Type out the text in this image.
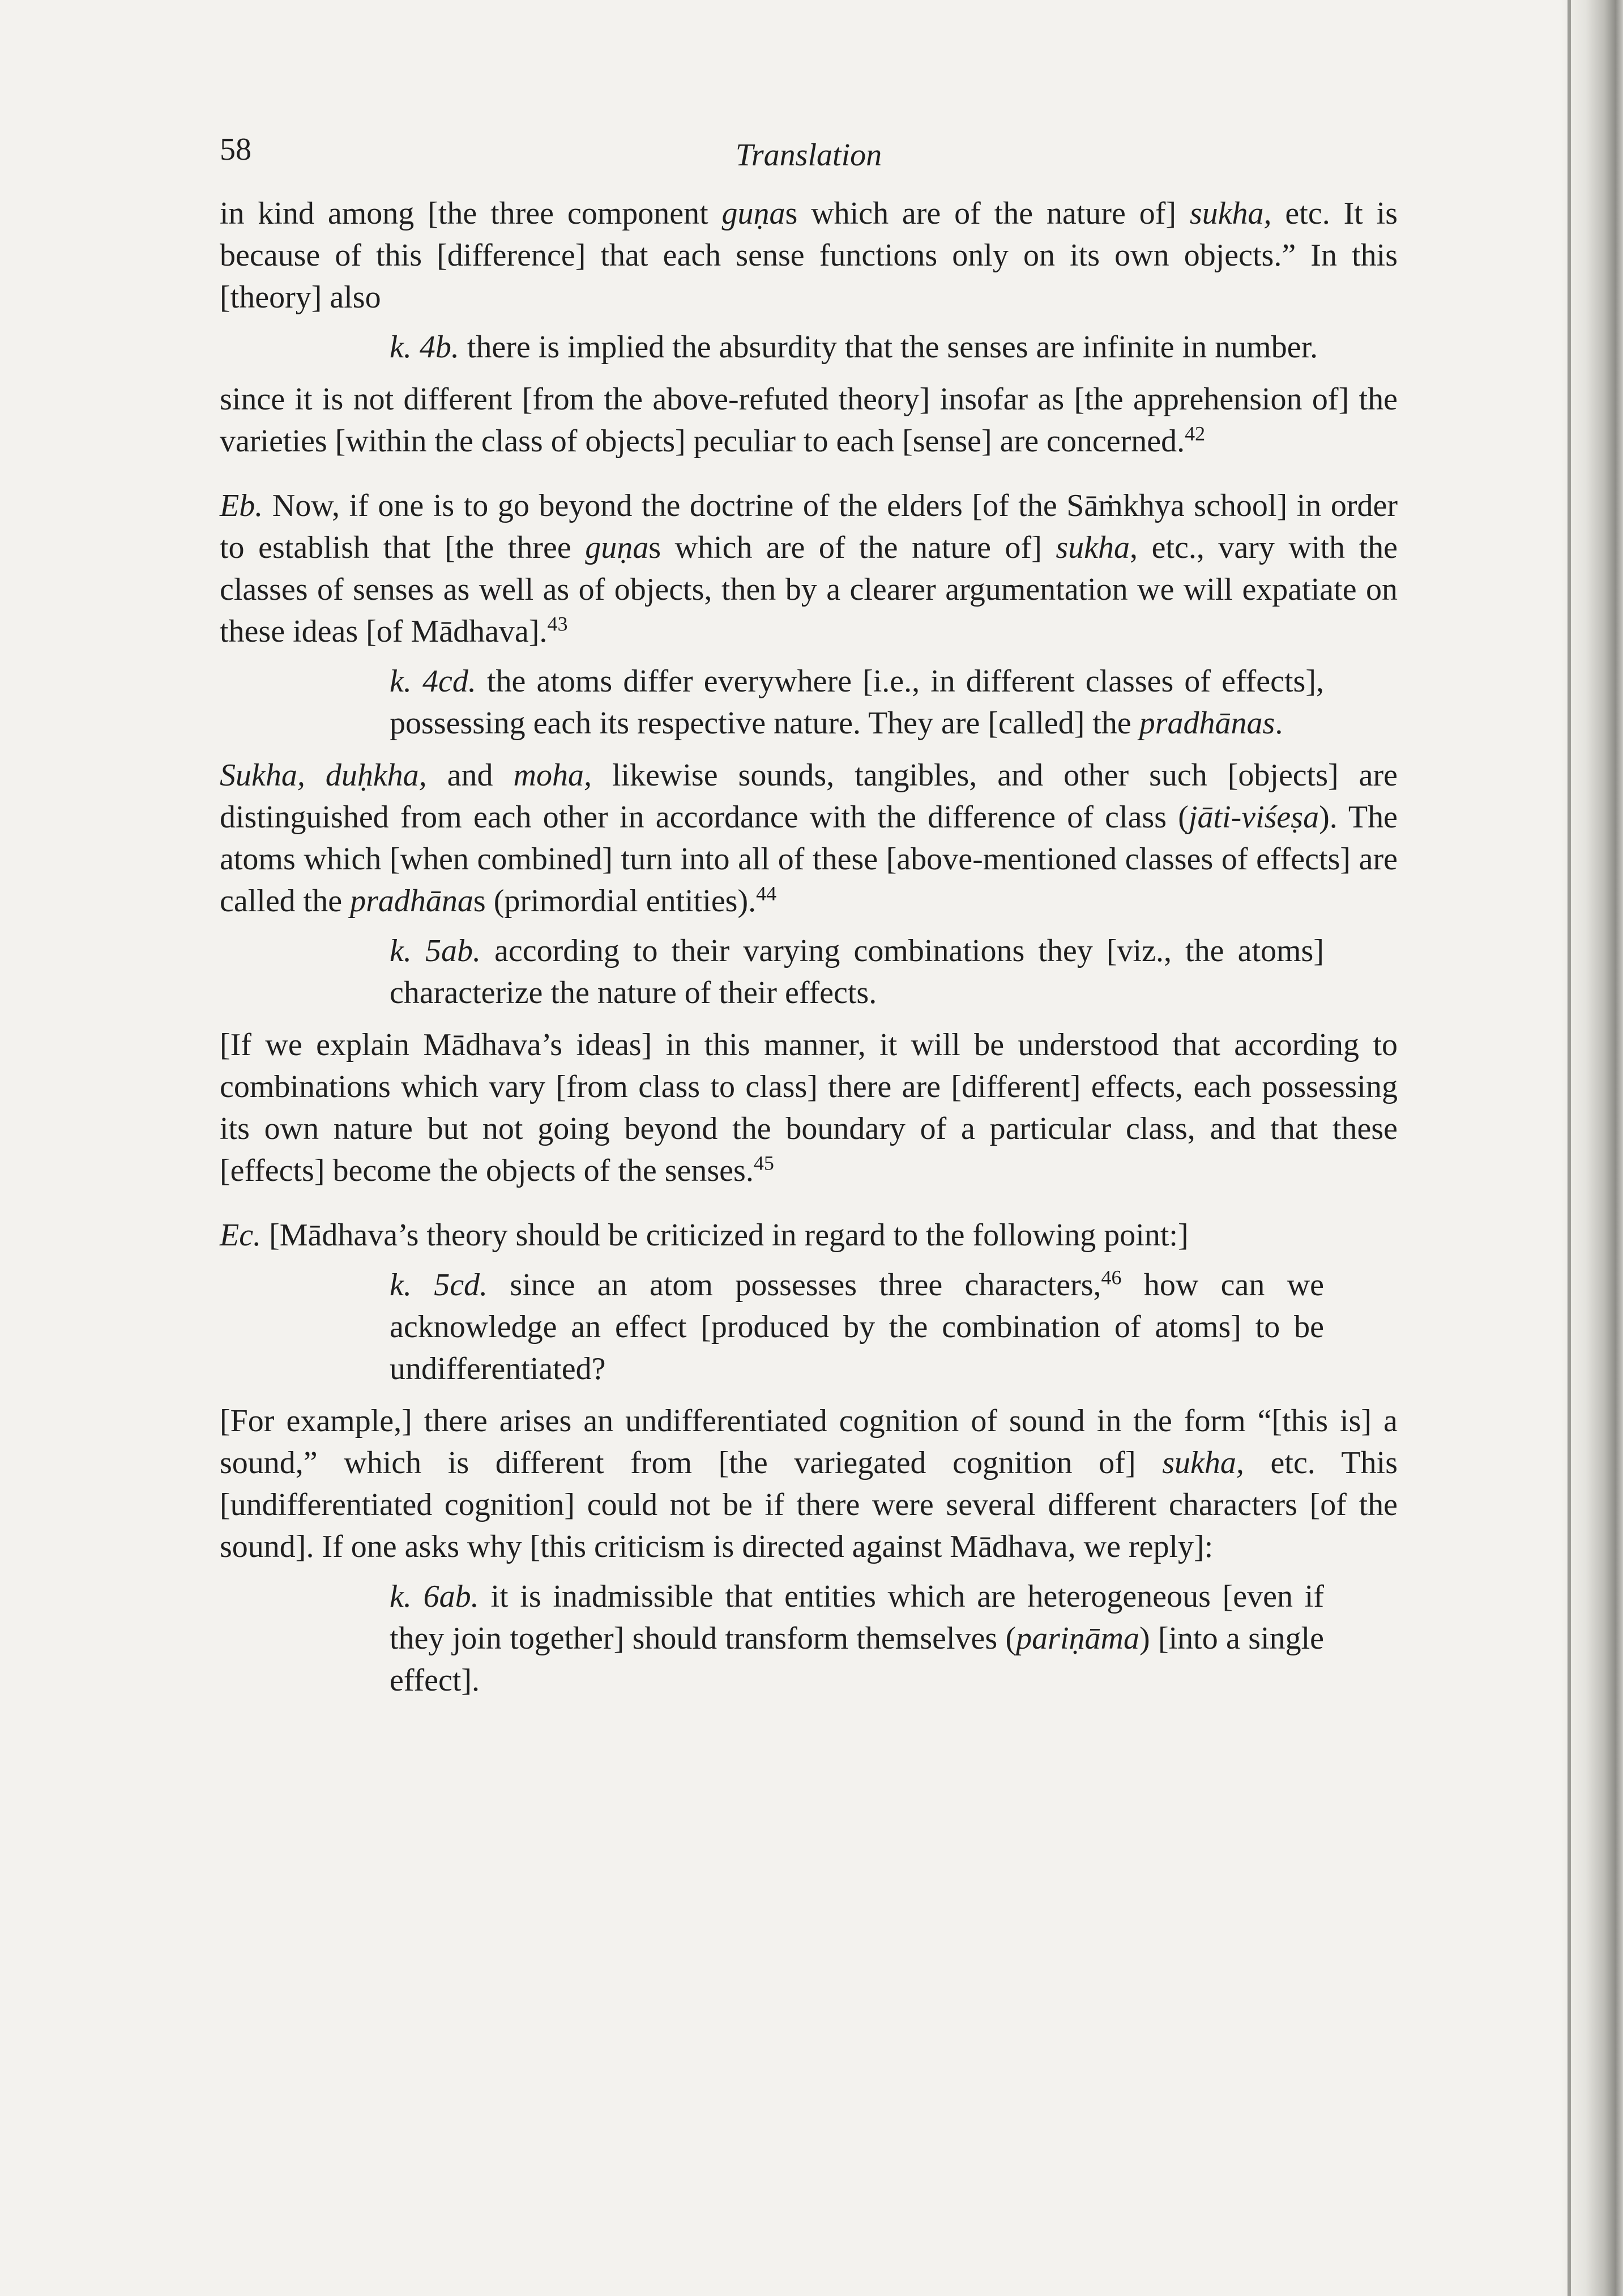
58	Translation

in kind among [the three component guṇas which are of the nature of] sukha, etc. It is because of this [difference] that each sense functions only on its own objects.” In this [theory] also

k. 4b. there is implied the absurdity that the senses are infinite in number.

since it is not different [from the above-refuted theory] insofar as [the apprehension of] the varieties [within the class of objects] peculiar to each [sense] are concerned.$^{42}$

Eb. Now, if one is to go beyond the doctrine of the elders [of the Sāṁkhya school] in order to establish that [the three guṇas which are of the nature of] sukha, etc., vary with the classes of senses as well as of objects, then by a clearer argumentation we will expatiate on these ideas [of Mādhava].$^{43}$

k. 4cd. the atoms differ everywhere [i.e., in different classes of effects], possessing each its respective nature. They are [called] the pradhānas.

Sukha, duḥkha, and moha, likewise sounds, tangibles, and other such [objects] are distinguished from each other in accordance with the difference of class (jāti-viśeṣa). The atoms which [when combined] turn into all of these [above-mentioned classes of effects] are called the pradhānas (primordial entities).$^{44}$

k. 5ab. according to their varying combinations they [viz., the atoms] characterize the nature of their effects.

[If we explain Mādhava’s ideas] in this manner, it will be understood that according to combinations which vary [from class to class] there are [different] effects, each possessing its own nature but not going beyond the boundary of a particular class, and that these [effects] become the objects of the senses.$^{45}$

Ec. [Mādhava’s theory should be criticized in regard to the following point:]

k. 5cd. since an atom possesses three characters,$^{46}$ how can we acknowledge an effect [produced by the combination of atoms] to be undifferentiated?

[For example,] there arises an undifferentiated cognition of sound in the form “[this is] a sound,” which is different from [the variegated cognition of] sukha, etc. This [undifferentiated cognition] could not be if there were several different characters [of the sound]. If one asks why [this criticism is directed against Mādhava, we reply]:

k. 6ab. it is inadmissible that entities which are heterogeneous [even if they join together] should transform themselves (pariṇāma) [into a single effect].
